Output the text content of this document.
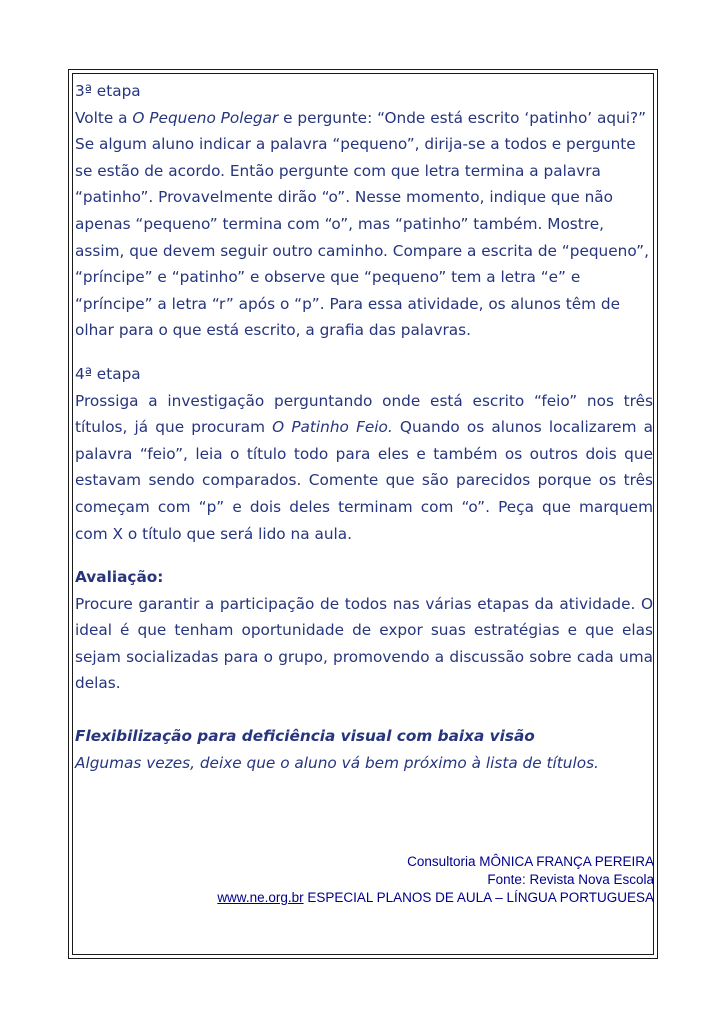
3ª etapa

Volte a O Pequeno Polegar e pergunte: “Onde está escrito ‘patinho’ aqui?” Se algum aluno indicar a palavra “pequeno”, dirija-se a todos e pergunte se estão de acordo. Então pergunte com que letra termina a palavra “patinho”. Provavelmente dirão “o”. Nesse momento, indique que não apenas “pequeno” termina com “o”, mas “patinho” também. Mostre, assim, que devem seguir outro caminho. Compare a escrita de “pequeno”, “príncipe” e “patinho” e observe que “pequeno” tem a letra “e” e “príncipe” a letra “r” após o “p”. Para essa atividade, os alunos têm de olhar para o que está escrito, a grafia das palavras.

4ª etapa

Prossiga a investigação perguntando onde está escrito “feio” nos três títulos, já que procuram O Patinho Feio. Quando os alunos localizarem a palavra “feio”, leia o título todo para eles e também os outros dois que estavam sendo comparados. Comente que são parecidos porque os três começam com “p” e dois deles terminam com “o”. Peça que marquem com X o título que será lido na aula.

Avaliação:

Procure garantir a participação de todos nas várias etapas da atividade. O ideal é que tenham oportunidade de expor suas estratégias e que elas sejam socializadas para o grupo, promovendo a discussão sobre cada uma delas.

Flexibilização para deficiência visual com baixa visão

Algumas vezes, deixe que o aluno vá bem próximo à lista de títulos.

Consultoria MÔNICA FRANÇA PEREIRA
Fonte: Revista Nova Escola
www.ne.org.br ESPECIAL PLANOS DE AULA – LÍNGUA PORTUGUESA
